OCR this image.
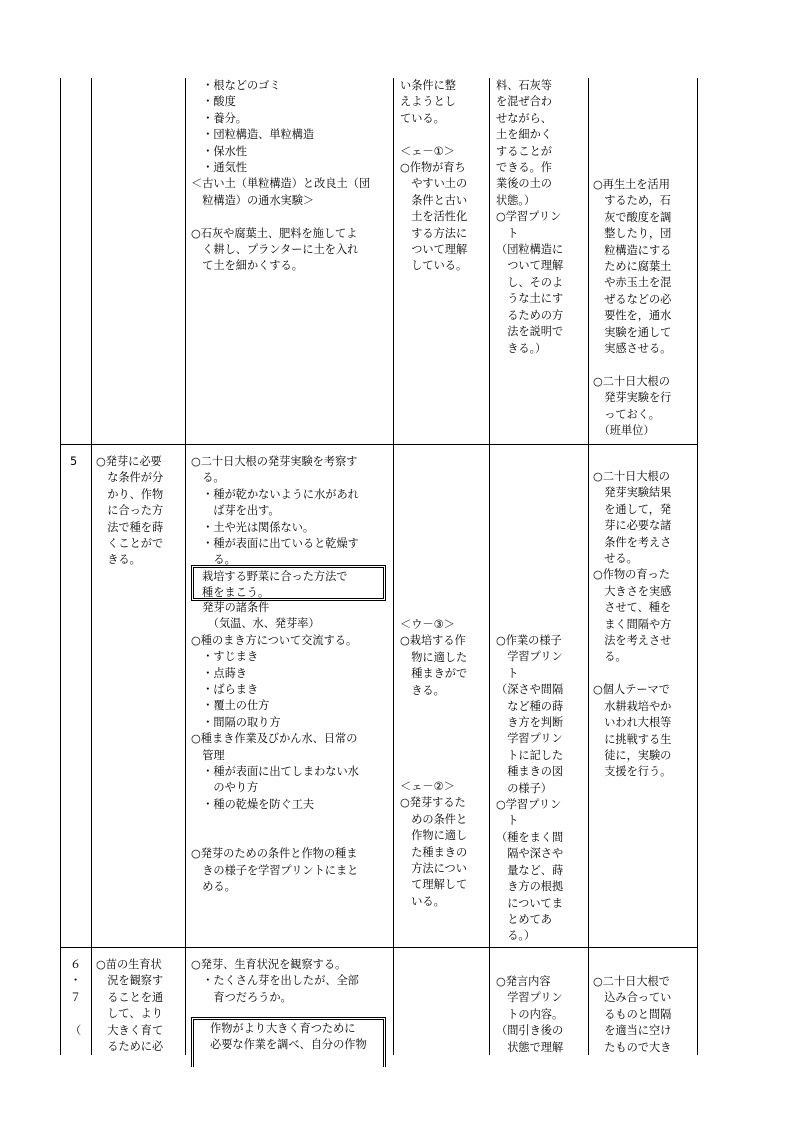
　・根などのゴミ
　・酸度
　・養分。
　・団粒構造、単粒構造
　・保水性
　・通気性
＜古い土（単粒構造）と改良土（団
　粒構造）の通水実験＞

○石灰や腐葉土、肥料を施してよ
　く耕し、プランターに土を入れ
　て土を細かくする。
い条件に整
えようとし
ている。

＜ェ－①＞
○作物が育ち
　やすい土の
　条件と古い
　土を活性化
　する方法に
　ついて理解
　している。
料、石灰等
を混ぜ合わ
せながら、
土を細かく
することが
できる。作
業後の土の
状態。）
○学習プリン
　ト
（団粒構造に
　ついて理解
　し、そのよ
　うな土にす
　るための方
　法を説明で
　きる。）
○再生土を活用
　するため，石
　灰で酸度を調
　整したり，団
　粒構造にする
　ために腐葉土
　や赤玉土を混
　ぜるなどの必
　要性を，通水
　実験を通して
　実感させる。

○二十日大根の
　発芽実験を行
　っておく。
　（班単位）
5 ○発芽に必要
　な条件が分
　かり、作物
　に合った方
　法で種を蒔
　くことがで
　きる。
○二十日大根の発芽実験を考察す
　る。
　・種が乾かないように水があれ
　　ば芽を出す。
　・土や光は関係ない。
　・種が表面に出ていると乾燥す
　　る。
栽培する野菜に合った方法で
種をまこう。
　発芽の諸条件
　　（気温、水、発芽率）
○種のまき方について交流する。
　・すじまき
　・点蒔き
　・ばらまき
　・覆土の仕方
　・間隔の取り方
○種まき作業及びかん水、日常の
　管理
　・種が表面に出てしまわない水
　　のやり方
　・種の乾燥を防ぐ工夫

○発芽のための条件と作物の種ま
　きの様子を学習プリントにまと
　める。
＜ウ－③＞
○栽培する作
　物に適した
　種まきがで
　きる。
＜ェ－②＞
○発芽するた
　めの条件と
　作物に適し
　た種まきの
　方法につい
　て理解して
　いる。
○作業の様子
　学習プリン
　ト
（深さや間隔
　など種の蒔
　き方を判断
　学習プリン
　トに記した
　種まきの図
　の様子）
○学習プリン
　ト
（種をまく間
　隔や深さや
　量など、蒔
　き方の根拠
　についてま
　とめてあ
　る。）
○二十日大根の
　発芽実験結果
　を通して，発
　芽に必要な諸
　条件を考えさ
　せる。
○作物の育った
　大きさを実感
　させて、種を
　まく間隔や方
　法を考えさせ
　る。

○個人テーマで
　水耕栽培やか
　いわれ大根等
　に挑戦する生
　徒に，実験の
　支援を行う。
６
・
７

（
○苗の生育状
　況を観察す
　ることを通
　して、より
　大きく育て
　るために必
○発芽、生育状況を観察する。
　・たくさん芽を出したが、全部
　　育つだろうか。
作物がより大きく育つために
必要な作業を調べ、自分の作物
○発言内容
　学習プリン
　トの内容。
（間引き後の
　状態で理解
○二十日大根で
　込み合ってい
　るものと間隔
　を適当に空け
　たもので大き
